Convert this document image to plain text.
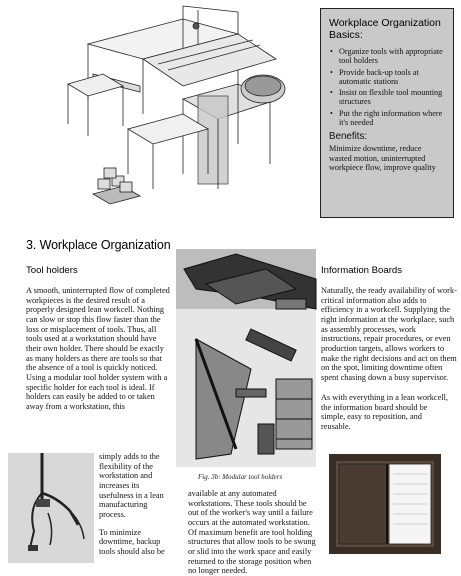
Workplace Organization
Basics:
• Organize tools with appropriate tool holders
• Provide back-up tools at automatic stations
• Insist on flexible tool mounting structures
• Put the right information where it's needed
Benefits:
Minimize downtime, reduce wasted motion, uninterrupted workpiece flow, improve quality
3. Workplace Organization
Tool holders	Information Boards

A smooth, uninterrupted flow of completed workpieces is the desired result of a properly designed lean workcell. Nothing can slow or stop this flow faster than the loss or misplacement of tools. Thus, all tools used at a workstation should have their own holder. There should be exactly as many holders as there are tools so that the absence of a tool is quickly noticed. Using a modular tool holder system with a specific holder for each tool is ideal. If holders can easily be added to or taken away from a workstation, this

simply adds to the flexibility of the workstation and increases its usefulness in a lean manufacturing process.

To minimize downtime, backup tools should also be

Fig. 3b: Modular tool holders

available at any automated workstations. These tools should be out of the worker's way until a failure occurs at the automated workstation. Of maximum benefit are tool holding structures that allow tools to be swung or slid into the work space and easily returned to the storage position when no longer needed.

Naturally, the ready availability of work-critical information also adds to efficiency in a workcell. Supplying the right information at the workplace, such as assembly processes, work instructions, repair procedures, or even production targets, allows workers to make the right decisions and act on them on the spot, limiting downtime often spent chasing down a busy supervisor.

As with everything in a lean workcell, the information board should be simple, easy to reposition, and reusable.
